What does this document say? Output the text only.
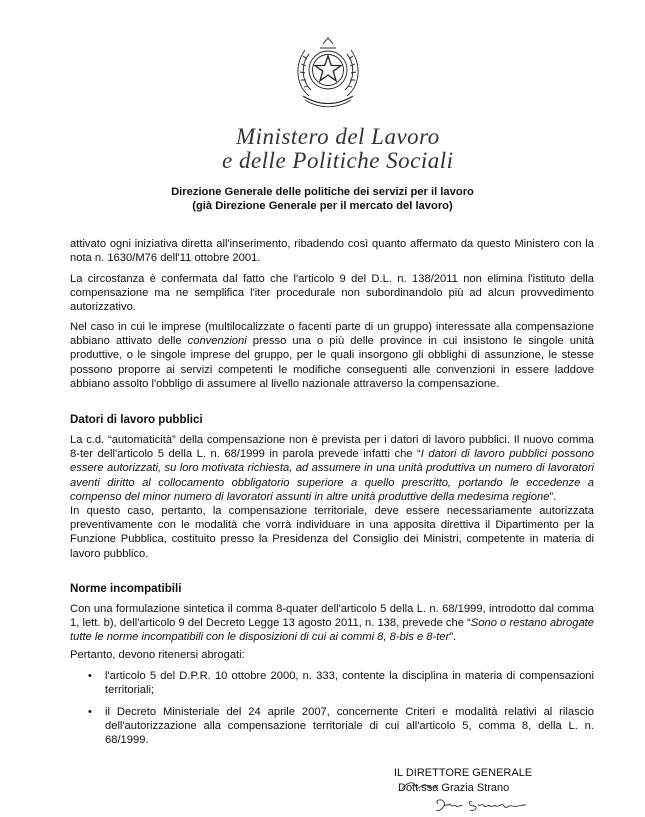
Ministero del Lavoro
e delle Politiche Sociali
Direzione Generale delle politiche dei servizi per il lavoro
(già Direzione Generale per il mercato del lavoro)
attivato ogni iniziativa diretta all'inserimento, ribadendo così quanto affermato da questo Ministero con la nota n. 1630/M76 dell'11 ottobre 2001.
La circostanza è confermata dal fatto che l'articolo 9 del D.L. n. 138/2011 non elimina l'istituto della compensazione ma ne semplifica l'iter procedurale non subordinandolo più ad alcun provvedimento autorizzativo.
Nel caso in cui le imprese (multilocalizzate o facenti parte di un gruppo) interessate alla compensazione abbiano attivato delle convenzioni presso una o più delle province in cui insistono le singole unità produttive, o le singole imprese del gruppo, per le quali insorgono gli obblighi di assunzione, le stesse possono proporre ai servizi competenti le modifiche conseguenti alle convenzioni in essere laddove abbiano assolto l'obbligo di assumere al livello nazionale attraverso la compensazione.
Datori di lavoro pubblici
La c.d. “automaticità” della compensazione non è prevista per i datori di lavoro pubblici. Il nuovo comma 8-ter dell'articolo 5 della L. n. 68/1999 in parola prevede infatti che “I datori di lavoro pubblici possono essere autorizzati, su loro motivata richiesta, ad assumere in una unità produttiva un numero di lavoratori aventi diritto al collocamento obbligatorio superiore a quello prescritto, portando le eccedenze a compenso del minor numero di lavoratori assunti in altre unità produttive della medesima regione”.
In questo caso, pertanto, la compensazione territoriale, deve essere necessariamente autorizzata preventivamente con le modalità che vorrà individuare in una apposita direttiva il Dipartimento per la Funzione Pubblica, costituito presso la Presidenza del Consiglio dei Ministri, competente in materia di lavoro pubblico.
Norme incompatibili
Con una formulazione sintetica il comma 8-quater dell'articolo 5 della L. n. 68/1999, introdotto dal comma 1, lett. b), dell'articolo 9 del Decreto Legge 13 agosto 2011, n. 138, prevede che “Sono o restano abrogate tutte le norme incompatibili con le disposizioni di cui ai commi 8, 8-bis e 8-ter”.
Pertanto, devono ritenersi abrogati:
• l'articolo 5 del D.P.R. 10 ottobre 2000, n. 333, contente la disciplina in materia di compensazioni territoriali;
• il Decreto Ministeriale del 24 aprile 2007, concernente Criteri e modalità relativi al rilascio dell'autorizzazione alla compensazione territoriale di cui all'articolo 5, comma 8, della L. n. 68/1999.
IL DIRETTORE GENERALE
Dott.ssa Grazia Strano
